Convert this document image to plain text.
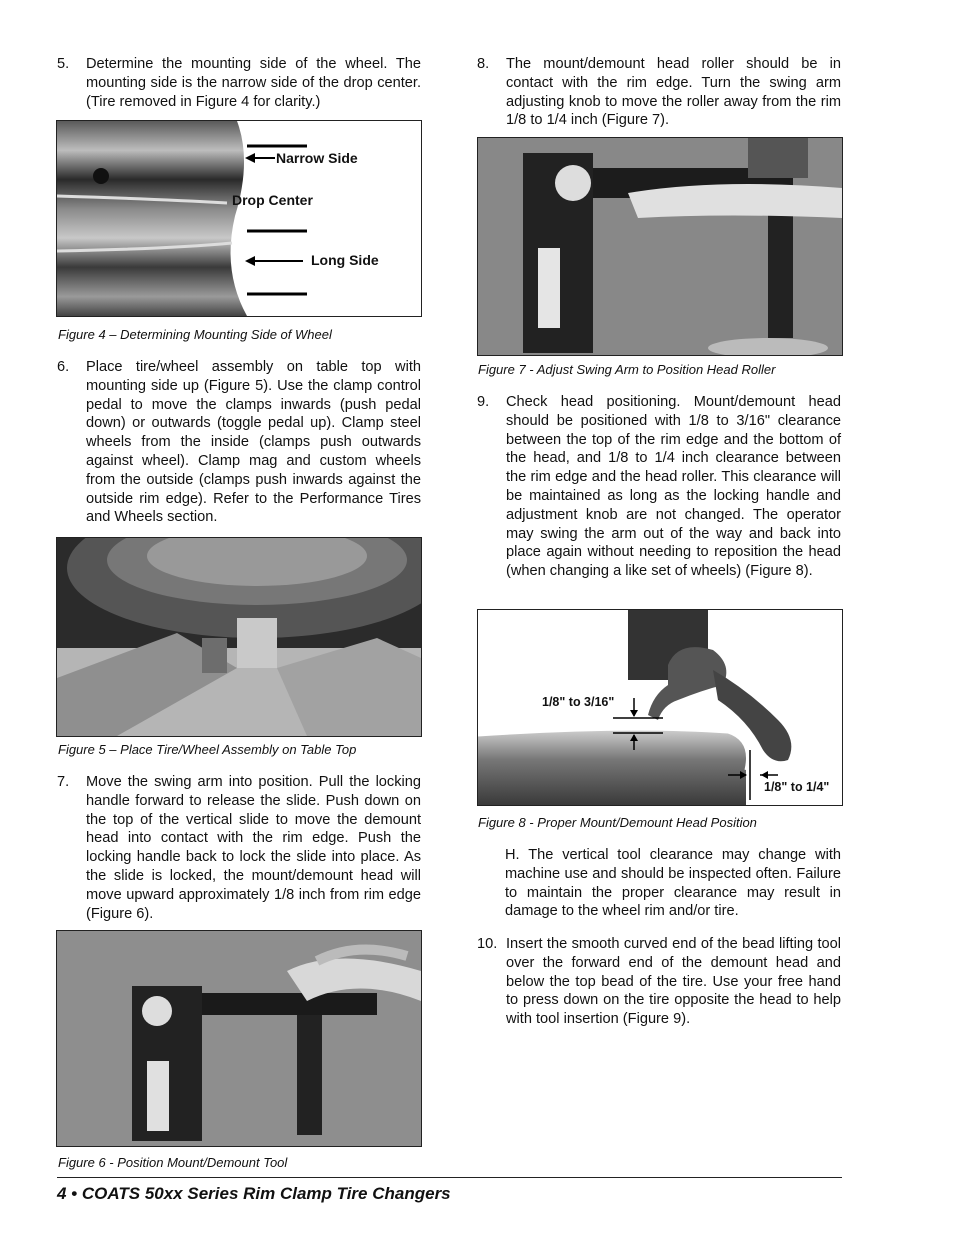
5. Determine the mounting side of the wheel. The mounting side is the narrow side of the drop center. (Tire removed in Figure 4 for clarity.)
Narrow Side
Drop Center
Long Side
Figure 4 – Determining Mounting Side of Wheel
6. Place tire/wheel assembly on table top with mounting side up (Figure 5). Use the clamp control pedal to move the clamps inwards (push pedal down) or outwards (toggle pedal up). Clamp steel wheels from the inside (clamps push outwards against wheel). Clamp mag and custom wheels from the outside (clamps push inwards against the outside rim edge). Refer to the Performance Tires and Wheels section.
Figure 5 – Place Tire/Wheel Assembly on Table Top
7. Move the swing arm into position. Pull the locking handle forward to release the slide. Push down on the top of the vertical slide to move the demount head into contact with the rim edge. Push the locking handle back to lock the slide into place. As the slide is locked, the mount/demount head will move upward approximately 1/8 inch from rim edge (Figure 6).
Figure 6 - Position Mount/Demount Tool
8. The mount/demount head roller should be in contact with the rim edge. Turn the swing arm adjusting knob to move the roller away from the rim 1/8 to 1/4 inch (Figure 7).
Figure 7 - Adjust Swing Arm to Position Head Roller
9. Check head positioning. Mount/demount head should be positioned with 1/8 to 3/16" clearance between the top of the rim edge and the bottom of the head, and 1/8 to 1/4 inch clearance between the rim edge and the head roller. This clearance will be maintained as long as the locking handle and adjustment knob are not changed. The operator may swing the arm out of the way and back into place again without needing to reposition the head (when changing a like set of wheels) (Figure 8).
1/8" to 3/16"
1/8" to 1/4"
Figure 8 - Proper Mount/Demount Head Position
H. The vertical tool clearance may change with machine use and should be inspected often. Failure to maintain the proper clearance may result in damage to the wheel rim and/or tire.
10. Insert the smooth curved end of the bead lifting tool over the forward end of the demount head and below the top bead of the tire. Use your free hand to press down on the tire opposite the head to help with tool insertion (Figure 9).
4 • COATS 50xx Series Rim Clamp Tire Changers
